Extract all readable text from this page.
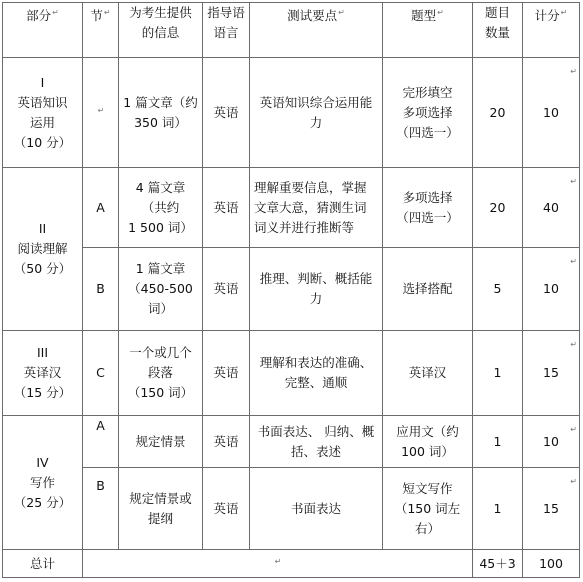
部分↵	节↵	为考生提供
的信息	指导语
语言	测试要点↵	题型↵	题目
数量	计分↵

I
英语知识
运用
（10 分）	↵	1 篇文章（约
350 词）	英语	英语知识综合运用能
力	完形填空
多项选择
（四选一）	20	10
↵

II
阅读理解
（50 分）	A	4 篇文章
（共约
1 500 词）	英语	理解重要信息，掌握
文章大意，猜测生词
词义并进行推断等	多项选择
（四选一）	20	40
↵

	B	1 篇文章
（450-500
词）	英语	推理、判断、概括能
力	选择搭配	5	10
↵

III
英译汉
（15 分）	C	一个或几个
段落
（150 词）	英语	理解和表达的准确、
完整、通顺	英译汉	1	15
↵

IV
写作
（25 分）	A	规定情景	英语	书面表达、 归纳、概
括、表述	应用文（约
100 词）	1	10
↵

	B	规定情景或
提纲	英语	书面表达	短文写作
（150 词左
右）	1	15
↵

总计	↵					45＋3	100
